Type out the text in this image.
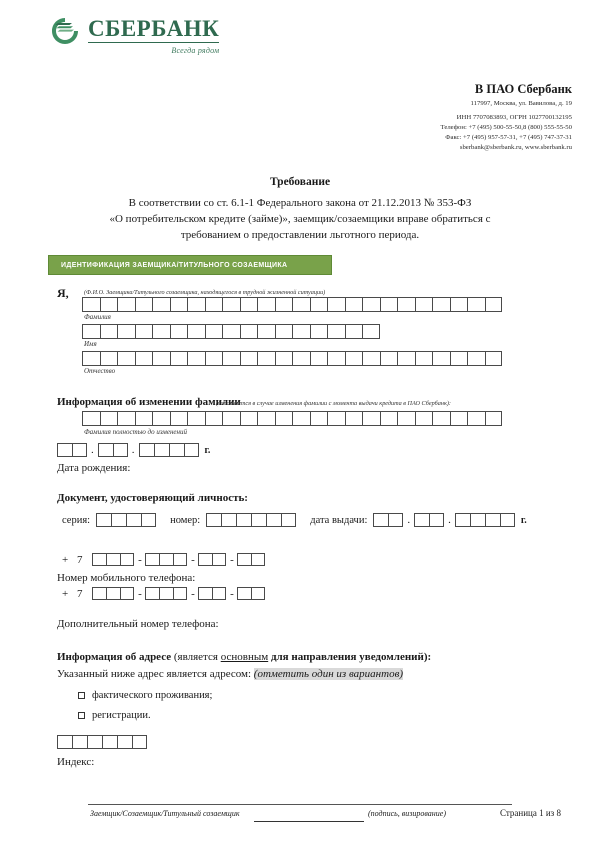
СБЕРБАНК
Всегда рядом
В ПАО Сбербанк
117997, Москва, ул. Вавилова, д. 19
ИНН 7707083893, ОГРН 1027700132195
Телефон: +7 (495) 500-55-50,8 (800) 555-55-50
Факс: +7 (495) 957-57-31, +7 (495) 747-37-31
sberbank@sberbank.ru, www.sberbank.ru
Требование
В соответствии со ст. 6.1-1 Федерального закона от 21.12.2013 № 353-ФЗ
«О потребительском кредите (займе)», заемщик/созаемщики вправе обратиться с
требованием о предоставлении льготного периода.
ИДЕНТИФИКАЦИЯ ЗАЕМЩИКА/ТИТУЛЬНОГО СОЗАЕМЩИКА
Я, (Ф.И.О. Заемщика/Титульного созаемщика, находящегося в трудной жизненной ситуации)
Фамилия
Имя
Отчество
Информация об изменении фамилии
(заполняется в случае изменения фамилии с момента выдачи кредита в ПАО Сбербанк):
Фамилия полностью до изменений
.	.	г.
Дата рождения:
Документ, удостоверяющий личность:
серия:	номер:	дата выдачи:	.	.	г.
+ 7	-	-	-
Номер мобильного телефона:
+ 7	-	-	-
Дополнительный номер телефона:
Информация об адресе (является основным для направления уведомлений):
Указанный ниже адрес является адресом: (отметить один из вариантов)
фактического проживания;
регистрации.
Индекс:
Заемщик/Созаемщик/Титульный созаемщик	(подпись, визирование)	Страница 1 из 8
